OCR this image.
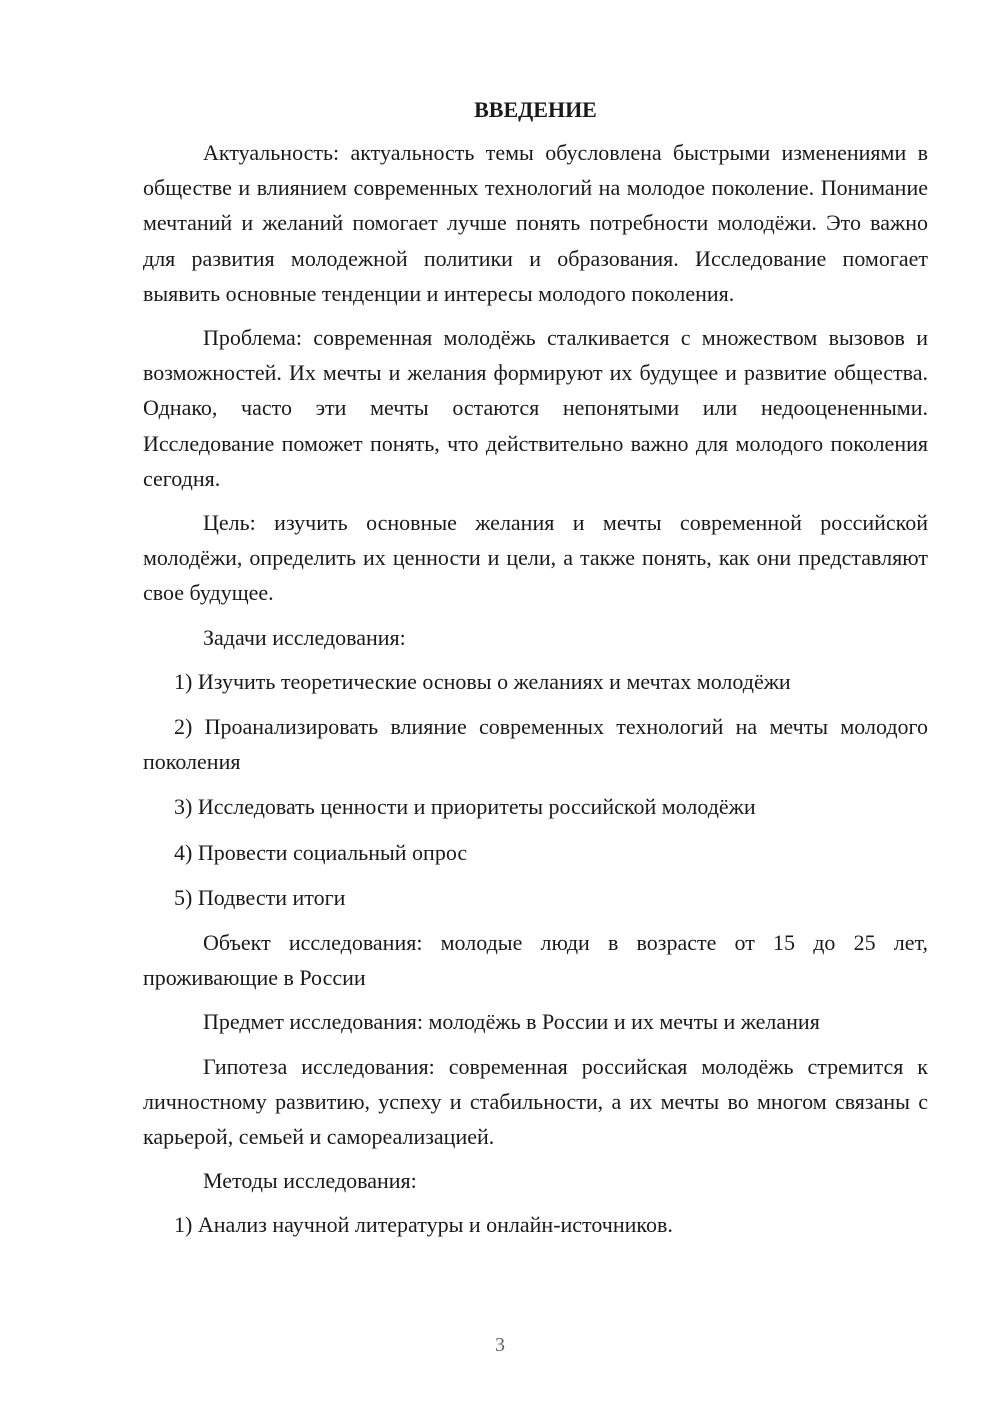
ВВЕДЕНИЕ

Актуальность: актуальность темы обусловлена быстрыми изменениями в обществе и влиянием современных технологий на молодое поколение. Понимание мечтаний и желаний помогает лучше понять потребности молодёжи. Это важно для развития молодежной политики и образования. Исследование помогает выявить основные тенденции и интересы молодого поколения.

Проблема: современная молодёжь сталкивается с множеством вызовов и возможностей. Их мечты и желания формируют их будущее и развитие общества. Однако, часто эти мечты остаются непонятыми или недооцененными. Исследование поможет понять, что действительно важно для молодого поколения сегодня.

Цель: изучить основные желания и мечты современной российской молодёжи, определить их ценности и цели, а также понять, как они представляют свое будущее.

Задачи исследования:

1) Изучить теоретические основы о желаниях и мечтах молодёжи

2) Проанализировать влияние современных технологий на мечты молодого поколения

3) Исследовать ценности и приоритеты российской молодёжи

4) Провести социальный опрос

5) Подвести итоги

Объект исследования: молодые люди в возрасте от 15 до 25 лет, проживающие в России

Предмет исследования: молодёжь в России и их мечты и желания

Гипотеза исследования: современная российская молодёжь стремится к личностному развитию, успеху и стабильности, а их мечты во многом связаны с карьерой, семьей и самореализацией.

Методы исследования:

1) Анализ научной литературы и онлайн-источников.

3
